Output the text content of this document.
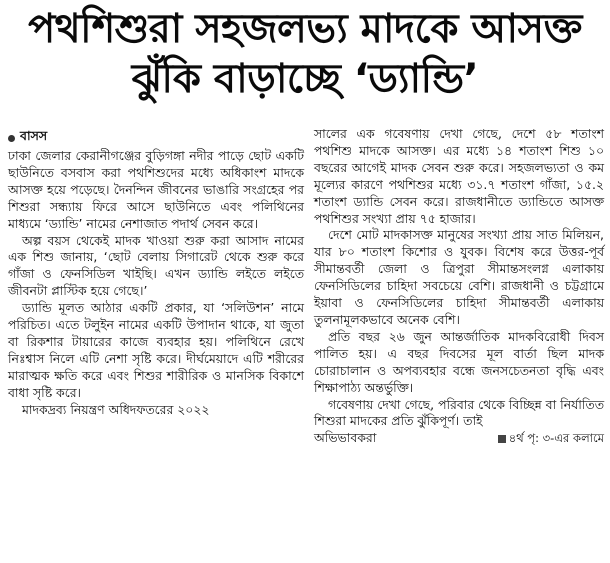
পথশিশুরা সহজলভ্য মাদকে আসক্ত
ঝুঁকি বাড়াচ্ছে ‘ড্যান্ডি’
বাসস

ঢাকা জেলার কেরানীগঞ্জের বুড়িগঙ্গা নদীর পাড়ে ছোট একটি ছাউনিতে বসবাস করা পথশিশুদের মধ্যে অধিকাংশ মাদকে আসক্ত হয়ে পড়েছে। দৈনন্দিন জীবনের ভাঙারি সংগ্রহের পর শিশুরা সন্ধ্যায় ফিরে আসে ছাউনিতে এবং পলিথিনের মাধ্যমে ‘ড্যান্ডি’ নামের নেশাজাত পদার্থ সেবন করে।

অল্প বয়স থেকেই মাদক খাওয়া শুরু করা আসাদ নামের এক শিশু জানায়, ‘ছোট বেলায় সিগারেট থেকে শুরু করে গাঁজা ও ফেনসিডিল খাইছি। এখন ড্যান্ডি লইতে লইতে জীবনটা প্লাস্টিক হয়ে গেছে।’

ড্যান্ডি মূলত আঠার একটি প্রকার, যা ‘সলিউশন’ নামে পরিচিত। এতে টলুইন নামের একটি উপাদান থাকে, যা জুতা বা রিকশার টায়ারের কাজে ব্যবহার হয়। পলিথিনে রেখে নিঃশ্বাস নিলে এটি নেশা সৃষ্টি করে। দীর্ঘমেয়াদে এটি শরীরের মারাত্মক ক্ষতি করে এবং শিশুর শারীরিক ও মানসিক বিকাশে বাধা সৃষ্টি করে।

মাদকদ্রব্য নিয়ন্ত্রণ অধিদফতরের ২০২২

সালের এক গবেষণায় দেখা গেছে, দেশে ৫৮ শতাংশ পথশিশু মাদকে আসক্ত। এর মধ্যে ১৪ শতাংশ শিশু ১০ বছরের আগেই মাদক সেবন শুরু করে। সহজলভ্যতা ও কম মূল্যের কারণে পথশিশুর মধ্যে ৩১.৭ শতাংশ গাঁজা, ১৫.২ শতাংশ ড্যান্ডি সেবন করে। রাজধানীতে ড্যান্ডিতে আসক্ত পথশিশুর সংখ্যা প্রায় ৭৫ হাজার।

দেশে মোট মাদকাসক্ত মানুষের সংখ্যা প্রায় সাত মিলিয়ন, যার ৮০ শতাংশ কিশোর ও যুবক। বিশেষ করে উত্তর-পূর্ব সীমান্তবর্তী জেলা ও ত্রিপুরা সীমান্তসংলগ্ন এলাকায় ফেনসিডিলের চাহিদা সবচেয়ে বেশি। রাজধানী ও চট্টগ্রামে ইয়াবা ও ফেনসিডিলের চাহিদা সীমান্তবর্তী এলাকায় তুলনামূলকভাবে অনেক বেশি।

প্রতি বছর ২৬ জুন আন্তর্জাতিক মাদকবিরোধী দিবস পালিত হয়। এ বছর দিবসের মূল বার্তা ছিল মাদক চোরাচালান ও অপব্যবহার বন্ধে জনসচেতনতা বৃদ্ধি এবং শিক্ষাপাঠ্য অন্তর্ভুক্তি।

গবেষণায় দেখা গেছে, পরিবার থেকে বিচ্ছিন্ন বা নির্যাতিত শিশুরা মাদকের প্রতি ঝুঁকিপূর্ণ। তাই

অভিভাবকরা	৪র্থ পৃ: ৩-এর কলামে
